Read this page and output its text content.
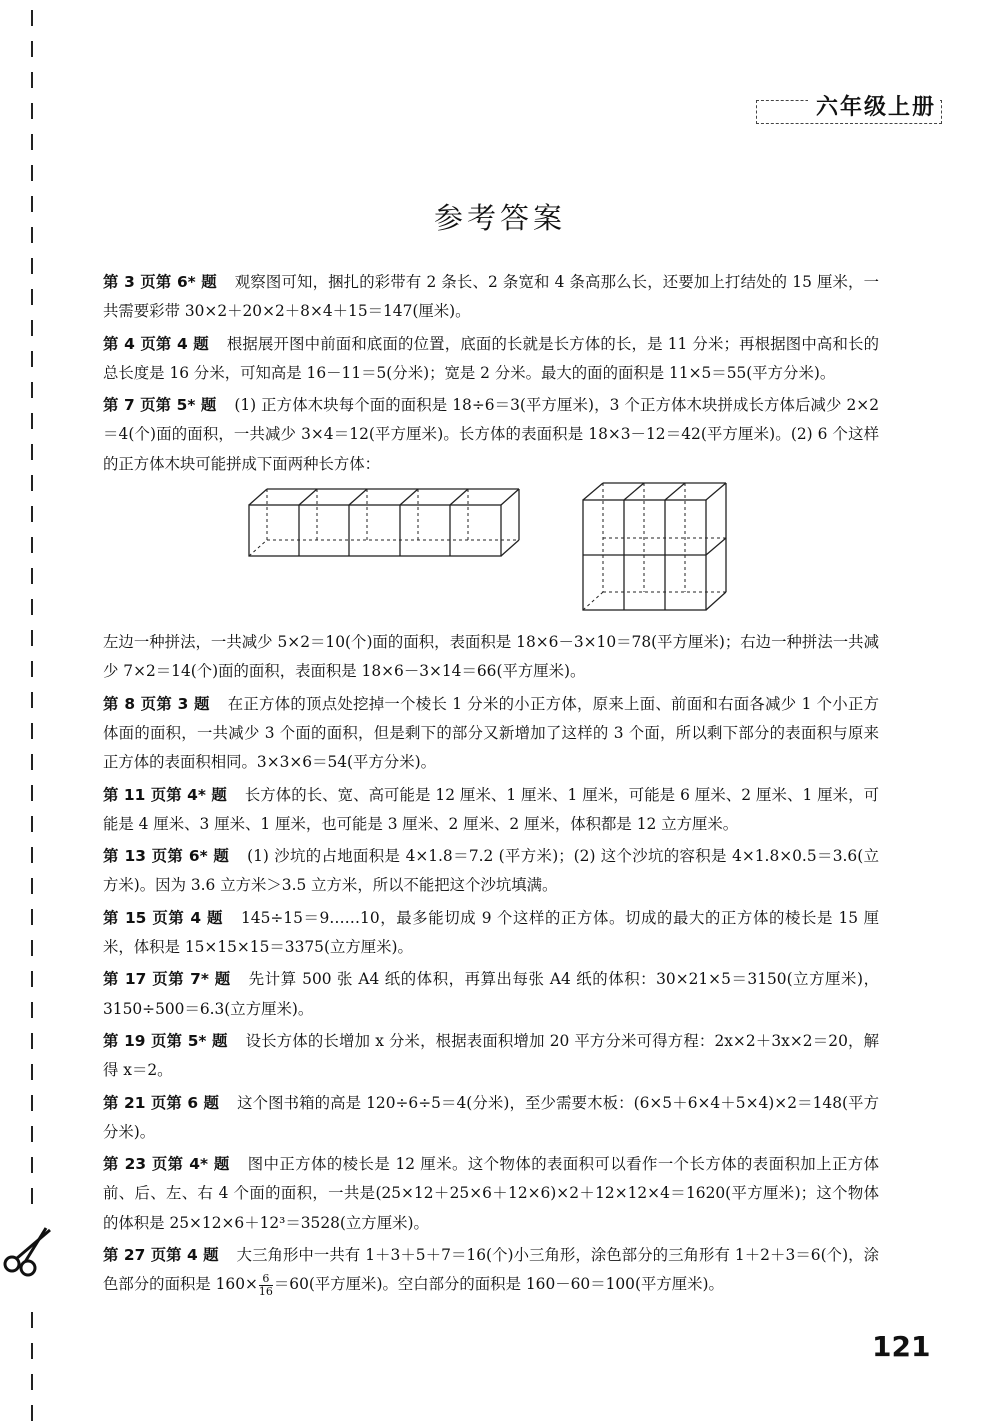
六年级上册
参考答案

第 3 页第 6* 题 观察图可知，捆扎的彩带有 2 条长、2 条宽和 4 条高那么长，还要加上打结处的 15 厘米，一共需要彩带 30×2＋20×2＋8×4＋15＝147(厘米)。

第 4 页第 4 题 根据展开图中前面和底面的位置，底面的长就是长方体的长，是 11 分米；再根据图中高和长的总长度是 16 分米，可知高是 16－11＝5(分米)；宽是 2 分米。最大的面的面积是 11×5＝55(平方分米)。

第 7 页第 5* 题 (1) 正方体木块每个面的面积是 18÷6＝3(平方厘米)，3 个正方体木块拼成长方体后减少 2×2＝4(个)面的面积，一共减少 3×4＝12(平方厘米)。长方体的表面积是 18×3－12＝42(平方厘米)。(2) 6 个这样的正方体木块可能拼成下面两种长方体：

左边一种拼法，一共减少 5×2＝10(个)面的面积，表面积是 18×6－3×10＝78(平方厘米)；右边一种拼法一共减少 7×2＝14(个)面的面积，表面积是 18×6－3×14＝66(平方厘米)。

第 8 页第 3 题 在正方体的顶点处挖掉一个棱长 1 分米的小正方体，原来上面、前面和右面各减少 1 个小正方体面的面积，一共减少 3 个面的面积，但是剩下的部分又新增加了这样的 3 个面，所以剩下部分的表面积与原来正方体的表面积相同。3×3×6＝54(平方分米)。

第 11 页第 4* 题 长方体的长、宽、高可能是 12 厘米、1 厘米、1 厘米，可能是 6 厘米、2 厘米、1 厘米，可能是 4 厘米、3 厘米、1 厘米，也可能是 3 厘米、2 厘米、2 厘米，体积都是 12 立方厘米。

第 13 页第 6* 题 (1) 沙坑的占地面积是 4×1.8＝7.2 (平方米)；(2) 这个沙坑的容积是 4×1.8×0.5＝3.6(立方米)。因为 3.6 立方米＞3.5 立方米，所以不能把这个沙坑填满。

第 15 页第 4 题 145÷15＝9……10，最多能切成 9 个这样的正方体。切成的最大的正方体的棱长是 15 厘米，体积是 15×15×15＝3375(立方厘米)。

第 17 页第 7* 题 先计算 500 张 A4 纸的体积，再算出每张 A4 纸的体积：30×21×5＝3150(立方厘米)，3150÷500＝6.3(立方厘米)。

第 19 页第 5* 题 设长方体的长增加 x 分米，根据表面积增加 20 平方分米可得方程：2x×2＋3x×2＝20，解得 x＝2。

第 21 页第 6 题 这个图书箱的高是 120÷6÷5＝4(分米)，至少需要木板：(6×5＋6×4＋5×4)×2＝148(平方分米)。

第 23 页第 4* 题 图中正方体的棱长是 12 厘米。这个物体的表面积可以看作一个长方体的表面积加上正方体前、后、左、右 4 个面的面积，一共是(25×12＋25×6＋12×6)×2＋12×12×4＝1620(平方厘米)；这个物体的体积是 25×12×6＋12³＝3528(立方厘米)。

第 27 页第 4 题 大三角形中一共有 1＋3＋5＋7＝16(个)小三角形，涂色部分的三角形有 1＋2＋3＝6(个)，涂色部分的面积是 $160\times \frac{6}{16} =60$(平方厘米)。空白部分的面积是 160－60＝100(平方厘米)。

121
